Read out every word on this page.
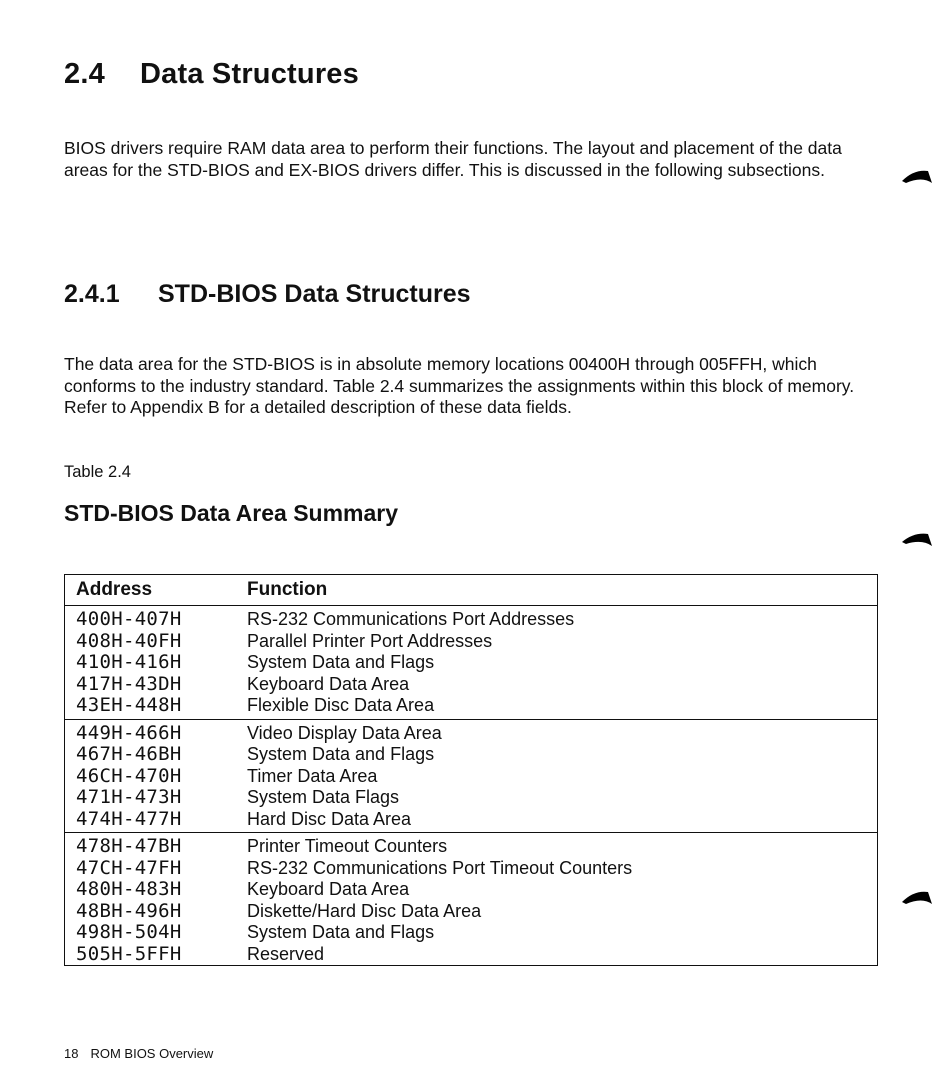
2.4 Data Structures

BIOS drivers require RAM data area to perform their functions. The layout and placement of the data areas for the STD-BIOS and EX-BIOS drivers differ. This is discussed in the following subsections.

2.4.1 STD-BIOS Data Structures

The data area for the STD-BIOS is in absolute memory locations 00400H through 005FFH, which conforms to the industry standard. Table 2.4 summarizes the assignments within this block of memory. Refer to Appendix B for a detailed description of these data fields.

Table 2.4
STD-BIOS Data Area Summary
Address	Function
400H-407H	RS-232 Communications Port Addresses
408H-40FH	Parallel Printer Port Addresses
410H-416H	System Data and Flags
417H-43DH	Keyboard Data Area
43EH-448H	Flexible Disc Data Area
449H-466H	Video Display Data Area
467H-46BH	System Data and Flags
46CH-470H	Timer Data Area
471H-473H	System Data Flags
474H-477H	Hard Disc Data Area
478H-47BH	Printer Timeout Counters
47CH-47FH	RS-232 Communications Port Timeout Counters
480H-483H	Keyboard Data Area
48BH-496H	Diskette/Hard Disc Data Area
498H-504H	System Data and Flags
505H-5FFH	Reserved
18 ROM BIOS Overview
